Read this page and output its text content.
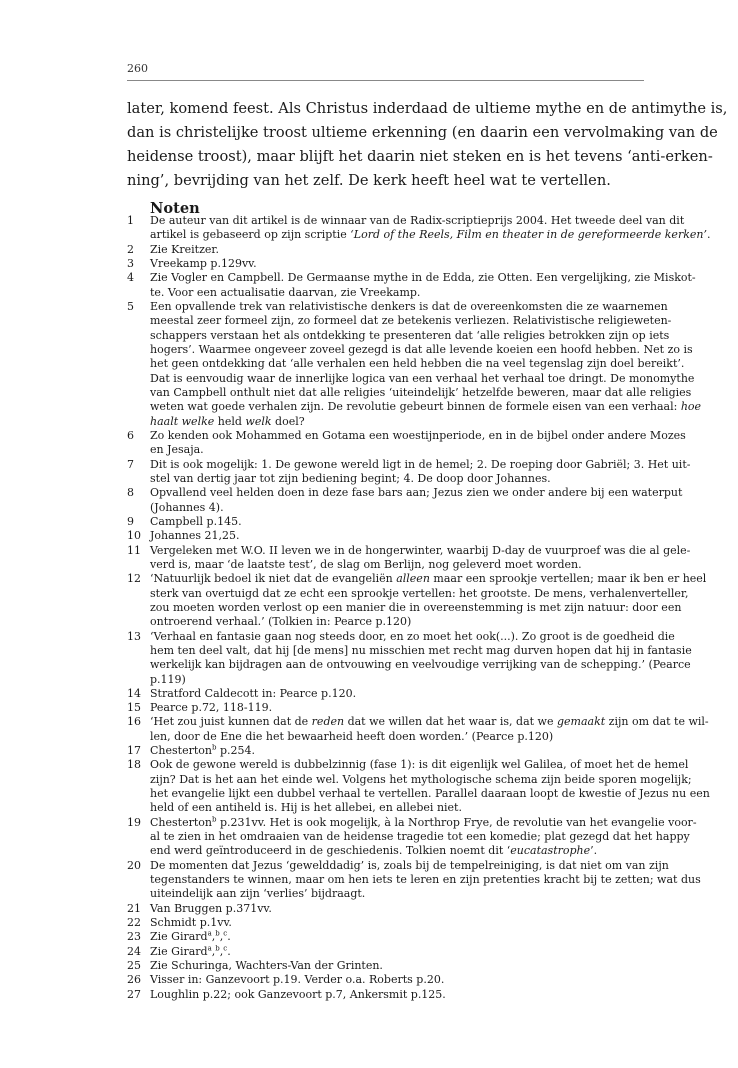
260

later, komend feest. Als Christus inderdaad de ultieme mythe en de antimythe is,
dan is christelijke troost ultieme erkenning (en daarin een vervolmaking van de
heidense troost), maar blijft het daarin niet steken en is het tevens ‘anti-erken-
ning’, bevrijding van het zelf. De kerk heeft heel wat te vertellen.

Noten
1 De auteur van dit artikel is de winnaar van de Radix-scriptieprijs 2004. Het tweede deel van dit
artikel is gebaseerd op zijn scriptie ‘Lord of the Reels, Film en theater in de gereformeerde kerken’.
2 Zie Kreitzer.
3 Vreekamp p.129vv.
4 Zie Vogler en Campbell. De Germaanse mythe in de Edda, zie Otten. Een vergelijking, zie Miskot-
te. Voor een actualisatie daarvan, zie Vreekamp.
5 Een opvallende trek van relativistische denkers is dat de overeenkomsten die ze waarnemen
meestal zeer formeel zijn, zo formeel dat ze betekenis verliezen. Relativistische religieweten-
schappers verstaan het als ontdekking te presenteren dat ‘alle religies betrokken zijn op iets
hogers’. Waarmee ongeveer zoveel gezegd is dat alle levende koeien een hoofd hebben. Net zo is
het geen ontdekking dat ‘alle verhalen een held hebben die na veel tegenslag zijn doel bereikt’.
Dat is eenvoudig waar de innerlijke logica van een verhaal het verhaal toe dringt. De monomythe
van Campbell onthult niet dat alle religies ‘uiteindelijk’ hetzelfde beweren, maar dat alle religies
weten wat goede verhalen zijn. De revolutie gebeurt binnen de formele eisen van een verhaal: hoe
haalt welke held welk doel?
6 Zo kenden ook Mohammed en Gotama een woestijnperiode, en in de bijbel onder andere Mozes
en Jesaja.
7 Dit is ook mogelijk: 1. De gewone wereld ligt in de hemel; 2. De roeping door Gabriël; 3. Het uit-
stel van dertig jaar tot zijn bediening begint; 4. De doop door Johannes.
8 Opvallend veel helden doen in deze fase bars aan; Jezus zien we onder andere bij een waterput
(Johannes 4).
9 Campbell p.145.
10 Johannes 21,25.
11 Vergeleken met W.O. II leven we in de hongerwinter, waarbij D-day de vuurproef was die al gele-
verd is, maar ‘de laatste test’, de slag om Berlijn, nog geleverd moet worden.
12 ‘Natuurlijk bedoel ik niet dat de evangeliën alleen maar een sprookje vertellen; maar ik ben er heel
sterk van overtuigd dat ze echt een sprookje vertellen: het grootste. De mens, verhalenverteller,
zou moeten worden verlost op een manier die in overeenstemming is met zijn natuur: door een
ontroerend verhaal.’ (Tolkien in: Pearce p.120)
13 ‘Verhaal en fantasie gaan nog steeds door, en zo moet het ook(...). Zo groot is de goedheid die
hem ten deel valt, dat hij [de mens] nu misschien met recht mag durven hopen dat hij in fantasie
werkelijk kan bijdragen aan de ontvouwing en veelvoudige verrijking van de schepping.’ (Pearce
p.119)
14 Stratford Caldecott in: Pearce p.120.
15 Pearce p.72, 118-119.
16 ‘Het zou juist kunnen dat de reden dat we willen dat het waar is, dat we gemaakt zijn om dat te wil-
len, door de Ene die het bewaarheid heeft doen worden.’ (Pearce p.120)
17 Chesterton$^b$ p.254.
18 Ook de gewone wereld is dubbelzinnig (fase 1): is dit eigenlijk wel Galilea, of moet het de hemel
zijn? Dat is het aan het einde wel. Volgens het mythologische schema zijn beide sporen mogelijk;
het evangelie lijkt een dubbel verhaal te vertellen. Parallel daaraan loopt de kwestie of Jezus nu een
held of een antiheld is. Hij is het allebei, en allebei niet.
19 Chesterton$^b$ p.231vv. Het is ook mogelijk, à la Northrop Frye, de revolutie van het evangelie voor-
al te zien in het omdraaien van de heidense tragedie tot een komedie; plat gezegd dat het happy
end werd geïntroduceerd in de geschiedenis. Tolkien noemt dit ‘eucatastrophe’.
20 De momenten dat Jezus ‘gewelddadig’ is, zoals bij de tempelreiniging, is dat niet om van zijn
tegenstanders te winnen, maar om hen iets te leren en zijn pretenties kracht bij te zetten; wat dus
uiteindelijk aan zijn ‘verlies’ bijdraagt.
21 Van Bruggen p.371vv.
22 Schmidt p.1vv.
23 Zie Girard$^a$,$^b$,$^c$.
24 Zie Girard$^a$,$^b$,$^c$.
25 Zie Schuringa, Wachters-Van der Grinten.
26 Visser in: Ganzevoort p.19. Verder o.a. Roberts p.20.
27 Loughlin p.22; ook Ganzevoort p.7, Ankersmit p.125.
